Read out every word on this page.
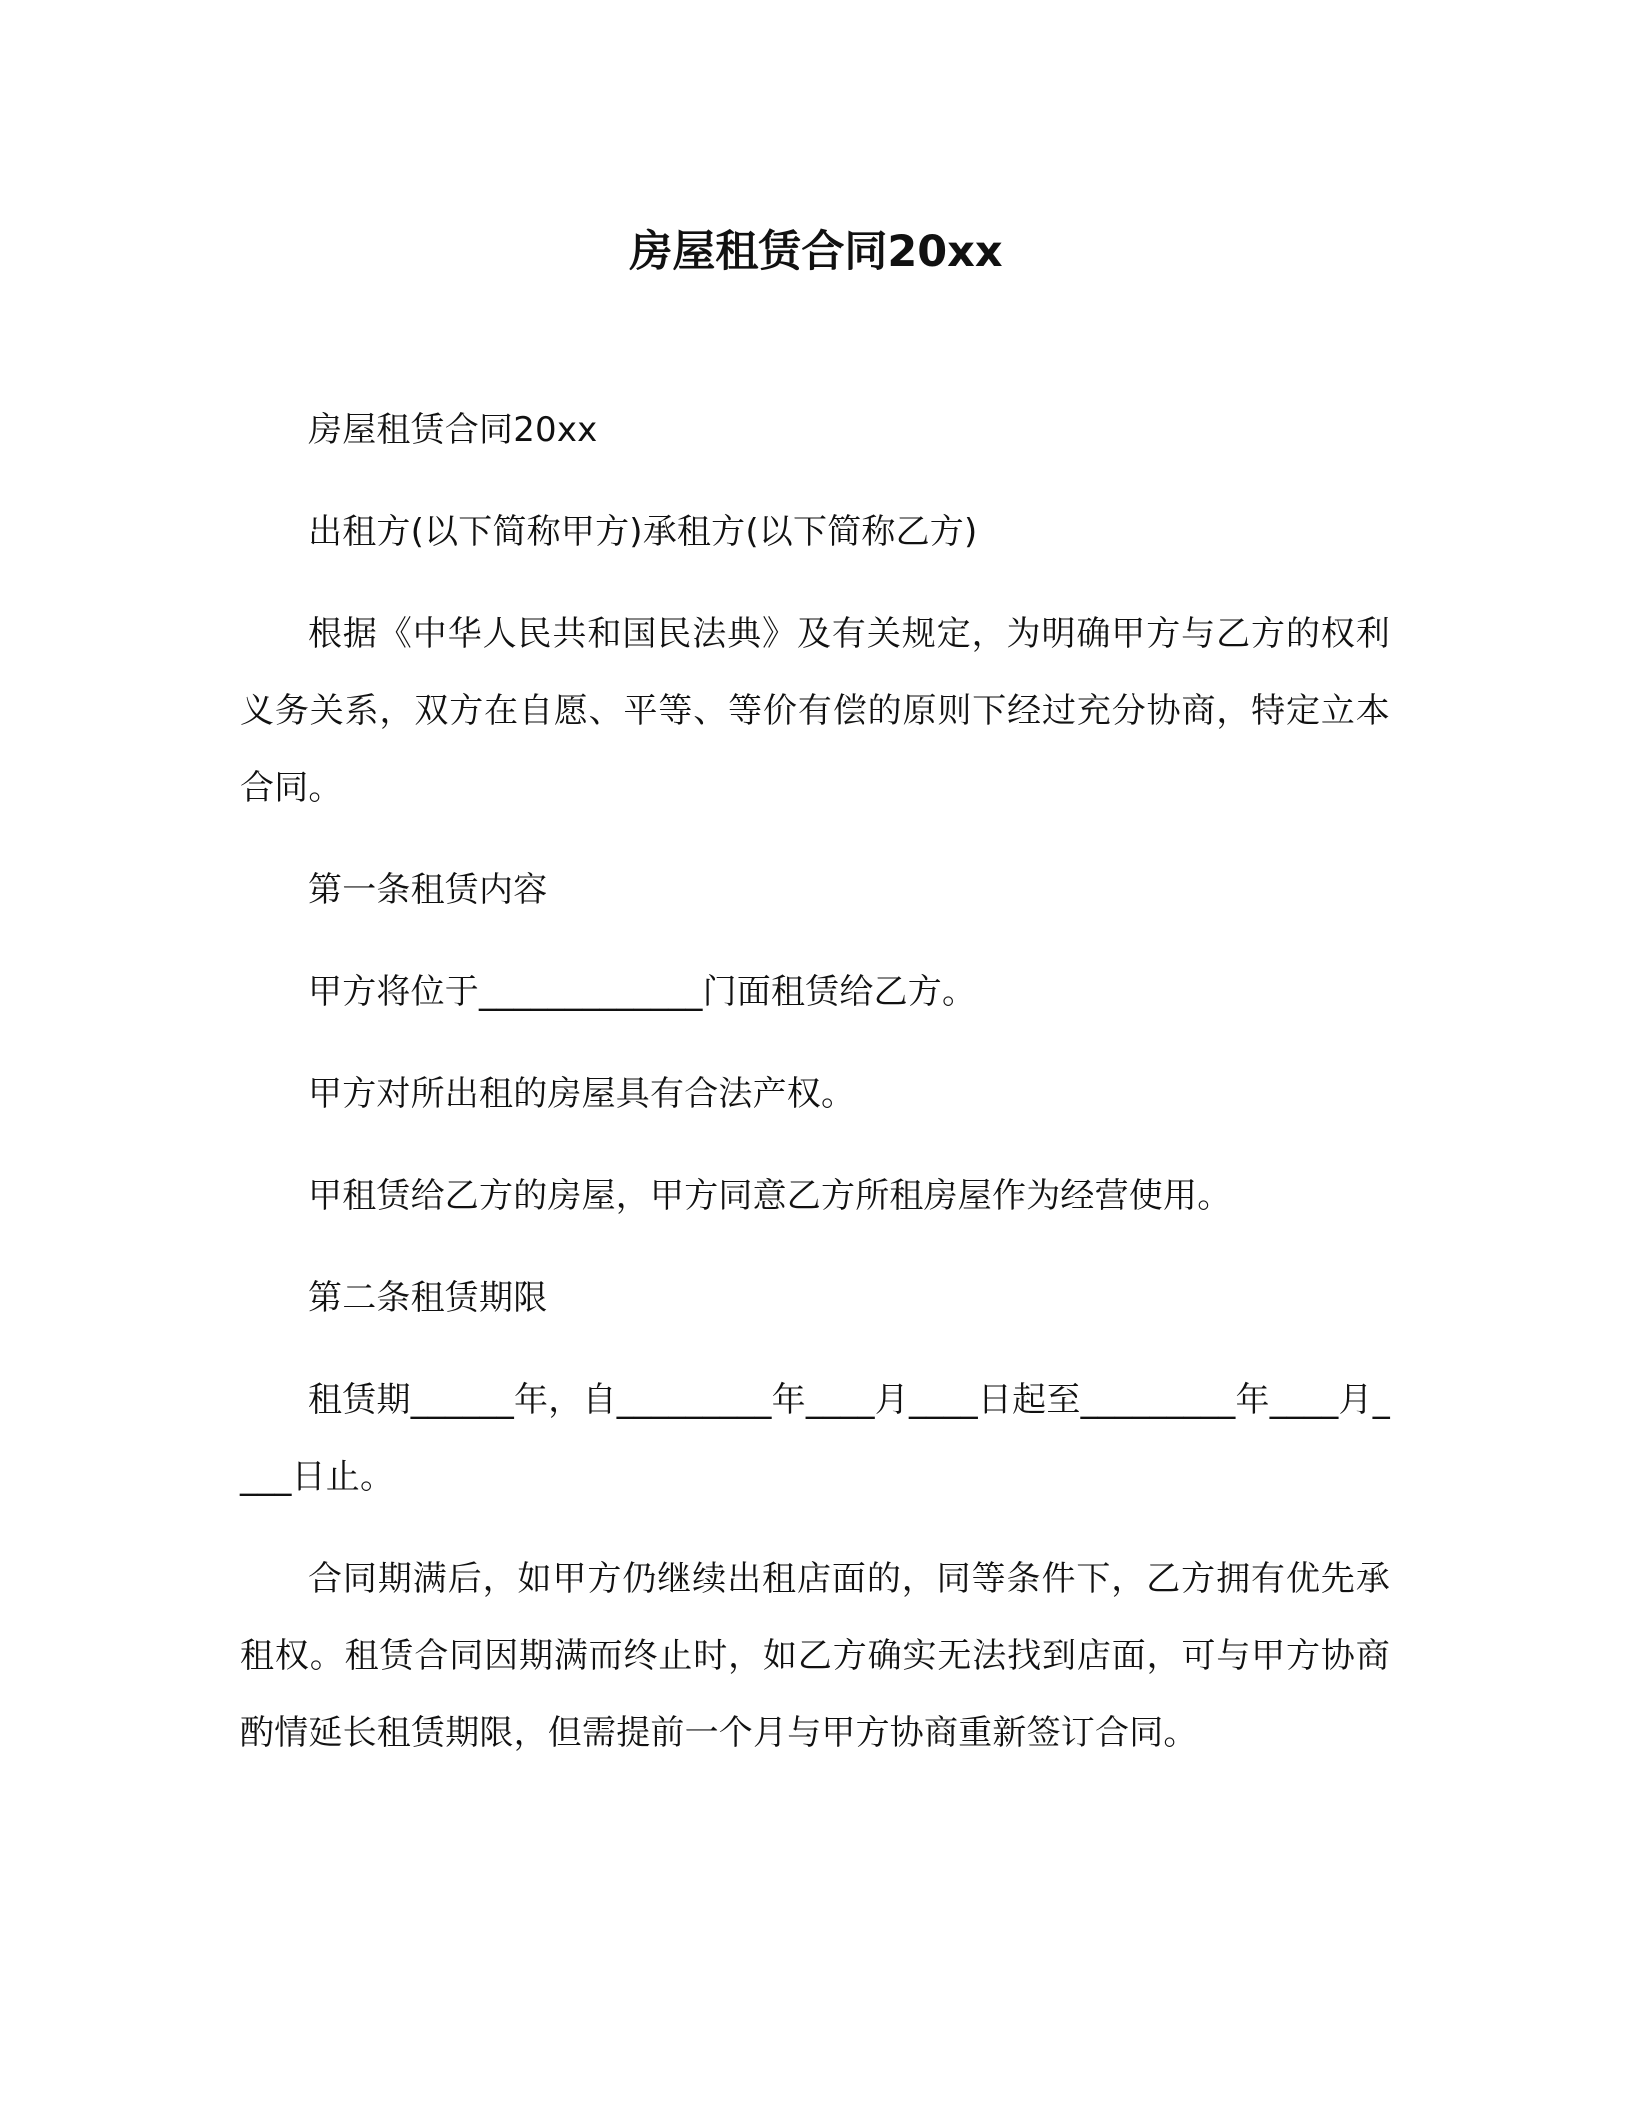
房屋租赁合同20xx

房屋租赁合同20xx

出租方(以下简称甲方)承租方(以下简称乙方)

根据《中华人民共和国民法典》及有关规定，为明确甲方与乙方的权利义务关系，双方在自愿、平等、等价有偿的原则下经过充分协商，特定立本合同。

第一条租赁内容

甲方将位于_____________门面租赁给乙方。

甲方对所出租的房屋具有合法产权。

甲租赁给乙方的房屋，甲方同意乙方所租房屋作为经营使用。

第二条租赁期限

租赁期______年，自_________年____月____日起至_________年____月____日止。

合同期满后，如甲方仍继续出租店面的，同等条件下，乙方拥有优先承租权。租赁合同因期满而终止时，如乙方确实无法找到店面，可与甲方协商酌情延长租赁期限，但需提前一个月与甲方协商重新签订合同。
